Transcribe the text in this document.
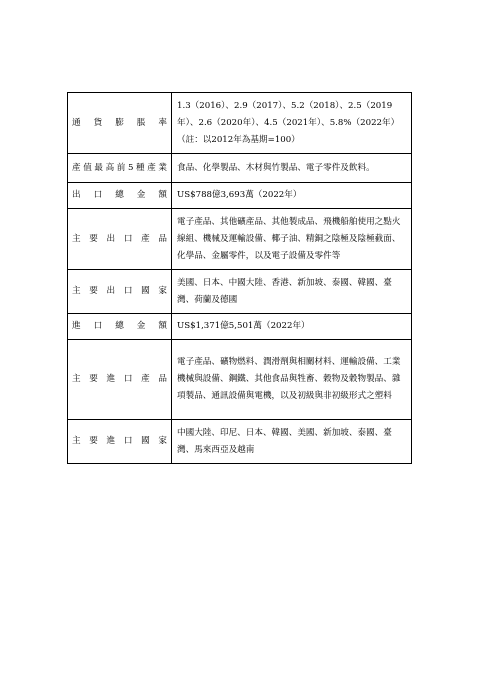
通 貨 膨 脹 率	1.3（2016）、2.9（2017）、5.2（2018）、2.5（2019年）、2.6（2020年）、4.5（2021年）、5.8%（2022年）（註：以2012年為基期=100）
產值最高前5種產業	食品、化學製品、木材與竹製品、電子零件及飲料。
出 口 總 金 額	US$788億3,693萬（2022年）
主 要 出 口 產 品	電子產品、其他礦產品、其他製成品、飛機船舶使用之點火線組、機械及運輸設備、椰子油、精銅之陰極及陰極截面、化學品、金屬零件，以及電子設備及零件等
主 要 出 口 國 家	美國、日本、中國大陸、香港、新加坡、泰國、韓國、臺灣、荷蘭及德國
進 口 總 金 額	US$1,371億5,501萬（2022年）
主 要 進 口 產 品	電子產品、礦物燃料、潤滑劑與相關材料、運輸設備、工業機械與設備、鋼鐵、其他食品與牲畜、穀物及穀物製品、雜項製品、通訊設備與電機，以及初級與非初級形式之塑料
主 要 進 口 國 家	中國大陸、印尼、日本、韓國、美國、新加坡、泰國、臺灣、馬來西亞及越南
